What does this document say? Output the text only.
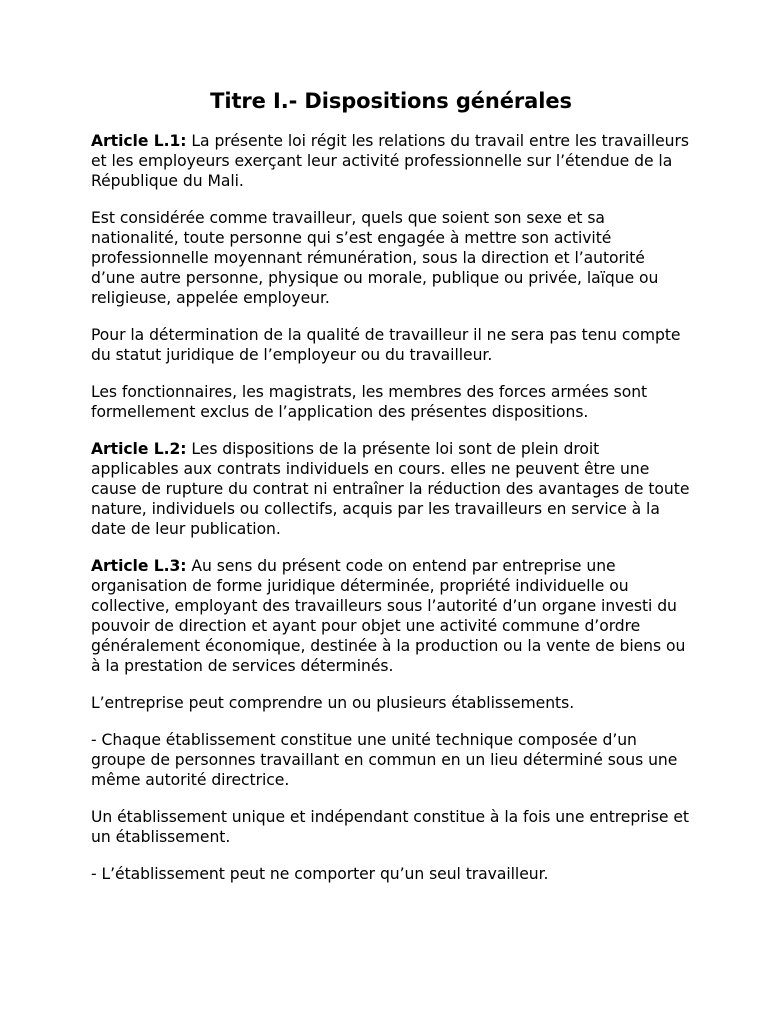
Titre I.- Dispositions générales

Article L.1: La présente loi régit les relations du travail entre les travailleurs et les employeurs exerçant leur activité professionnelle sur l’étendue de la République du Mali.

Est considérée comme travailleur, quels que soient son sexe et sa nationalité, toute personne qui s’est engagée à mettre son activité professionnelle moyennant rémunération, sous la direction et l’autorité d’une autre personne, physique ou morale, publique ou privée, laïque ou religieuse, appelée employeur.

Pour la détermination de la qualité de travailleur il ne sera pas tenu compte du statut juridique de l’employeur ou du travailleur.

Les fonctionnaires, les magistrats, les membres des forces armées sont formellement exclus de l’application des présentes dispositions.

Article L.2: Les dispositions de la présente loi sont de plein droit applicables aux contrats individuels en cours. elles ne peuvent être une cause de rupture du contrat ni entraîner la réduction des avantages de toute nature, individuels ou collectifs, acquis par les travailleurs en service à la date de leur publication.

Article L.3: Au sens du présent code on entend par entreprise une organisation de forme juridique déterminée, propriété individuelle ou collective, employant des travailleurs sous l’autorité d’un organe investi du pouvoir de direction et ayant pour objet une activité commune d’ordre généralement économique, destinée à la production ou la vente de biens ou à la prestation de services déterminés.

L’entreprise peut comprendre un ou plusieurs établissements.

- Chaque établissement constitue une unité technique composée d’un groupe de personnes travaillant en commun en un lieu déterminé sous une même autorité directrice.

Un établissement unique et indépendant constitue à la fois une entreprise et un établissement.

- L’établissement peut ne comporter qu’un seul travailleur.
